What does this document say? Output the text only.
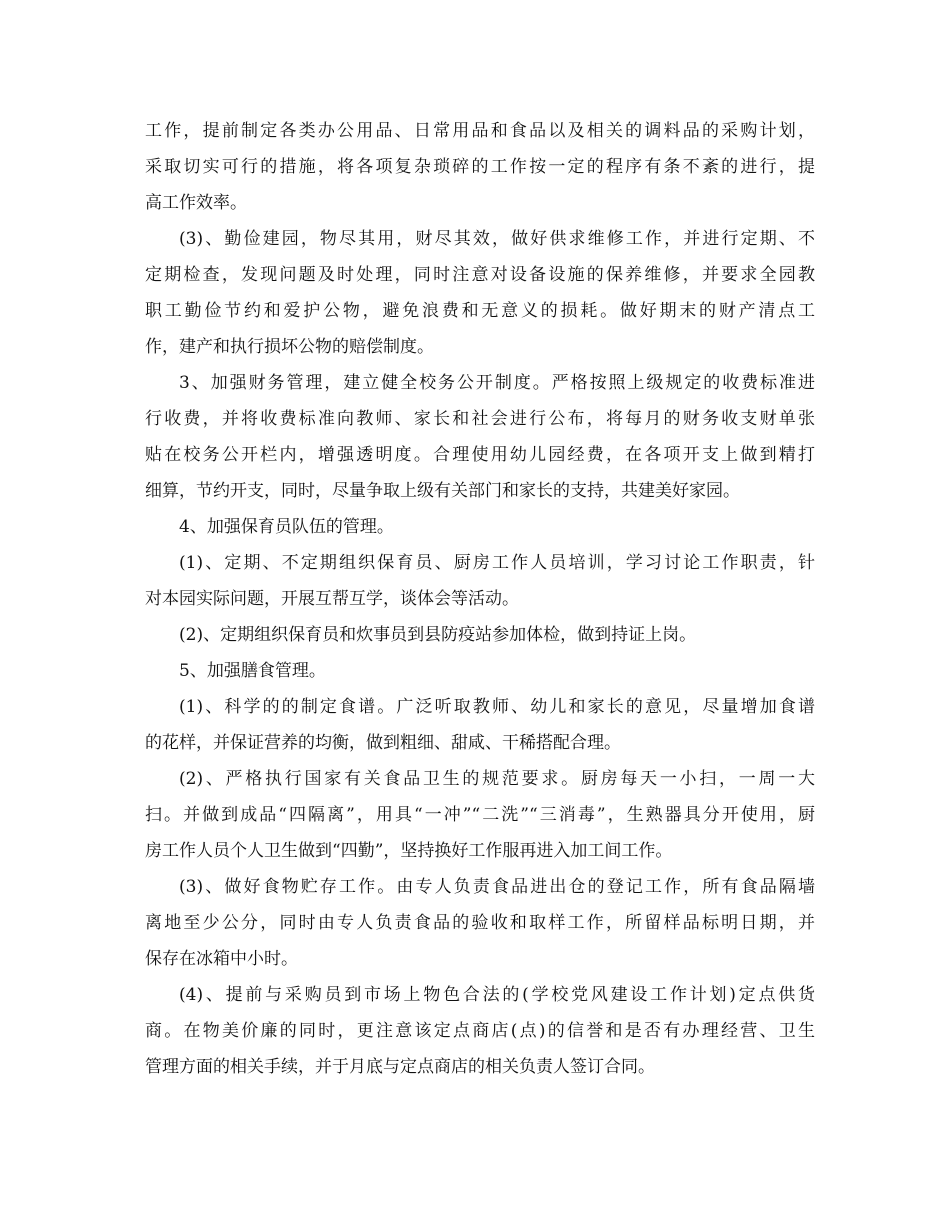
工作，提前制定各类办公用品、日常用品和食品以及相关的调料品的采购计划，
采取切实可行的措施，将各项复杂琐碎的工作按一定的程序有条不紊的进行，提
高工作效率。
(3)、勤俭建园，物尽其用，财尽其效，做好供求维修工作，并进行定期、不
定期检查，发现问题及时处理，同时注意对设备设施的保养维修，并要求全园教
职工勤俭节约和爱护公物，避免浪费和无意义的损耗。做好期末的财产清点工
作，建产和执行损坏公物的赔偿制度。
3、加强财务管理，建立健全校务公开制度。严格按照上级规定的收费标准进
行收费，并将收费标准向教师、家长和社会进行公布，将每月的财务收支财单张
贴在校务公开栏内，增强透明度。合理使用幼儿园经费，在各项开支上做到精打
细算，节约开支，同时，尽量争取上级有关部门和家长的支持，共建美好家园。
4、加强保育员队伍的管理。
(1)、定期、不定期组织保育员、厨房工作人员培训，学习讨论工作职责，针
对本园实际问题，开展互帮互学，谈体会等活动。
(2)、定期组织保育员和炊事员到县防疫站参加体检，做到持证上岗。
5、加强膳食管理。
(1)、科学的的制定食谱。广泛听取教师、幼儿和家长的意见，尽量增加食谱
的花样，并保证营养的均衡，做到粗细、甜咸、干稀搭配合理。
(2)、严格执行国家有关食品卫生的规范要求。厨房每天一小扫，一周一大
扫。并做到成品“四隔离”，用具“一冲”“二洗”“三消毒”，生熟器具分开使用，厨
房工作人员个人卫生做到“四勤”，坚持换好工作服再进入加工间工作。
(3)、做好食物贮存工作。由专人负责食品进出仓的登记工作，所有食品隔墙
离地至少公分，同时由专人负责食品的验收和取样工作，所留样品标明日期，并
保存在冰箱中小时。
(4)、提前与采购员到市场上物色合法的(学校党风建设工作计划)定点供货
商。在物美价廉的同时，更注意该定点商店(点)的信誉和是否有办理经营、卫生
管理方面的相关手续，并于月底与定点商店的相关负责人签订合同。
